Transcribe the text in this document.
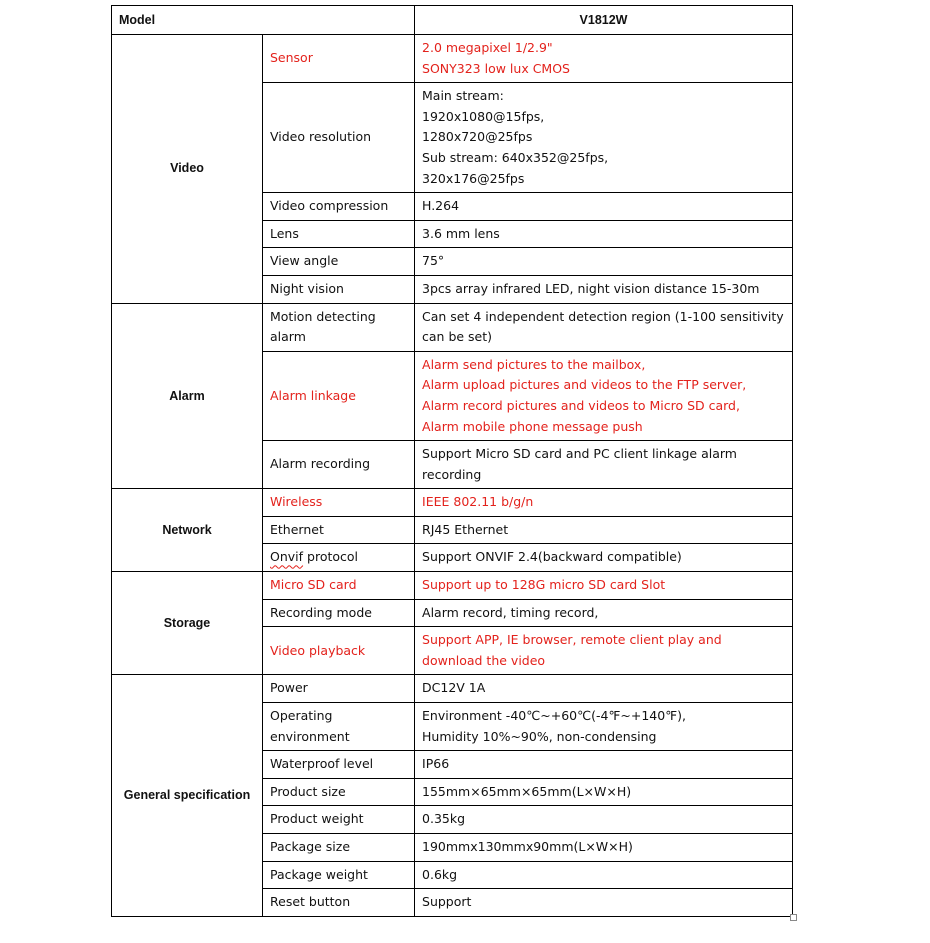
Model		V1812W
Video	Sensor	2.0 megapixel 1/2.9"
SONY323 low lux CMOS

	Video resolution	Main stream:
1920x1080@15fps,
1280x720@25fps
Sub stream: 640x352@25fps,
320x176@25fps

	Video compression	H.264
	Lens	3.6 mm lens
	View angle	75°
	Night vision	3pcs array infrared LED, night vision distance 15-30m
Alarm	Motion detecting alarm	Can set 4 independent detection region (1-100 sensitivity can be set)
	Alarm linkage	Alarm send pictures to the mailbox,
Alarm upload pictures and videos to the FTP server,
Alarm record pictures and videos to Micro SD card,
Alarm mobile phone message push

	Alarm recording	Support Micro SD card and PC client linkage alarm recording
Network	Wireless	IEEE 802.11 b/g/n
	Ethernet	RJ45 Ethernet
	Onvif protocol	Support ONVIF 2.4(backward compatible)
Storage	Micro SD card	Support up to 128G micro SD card Slot
	Recording mode	Alarm record, timing record,
	Video playback	Support APP, IE browser, remote client play and download the video
General specification	Power	DC12V 1A
	Operating environment	Environment -40℃~+60℃(-4℉~+140℉),
Humidity 10%~90%, non-condensing

	Waterproof level	IP66
	Product size	155mm×65mm×65mm(L×W×H)
	Product weight	0.35kg
	Package size	190mmx130mmx90mm(L×W×H)
	Package weight	0.6kg
	Reset button	Support
